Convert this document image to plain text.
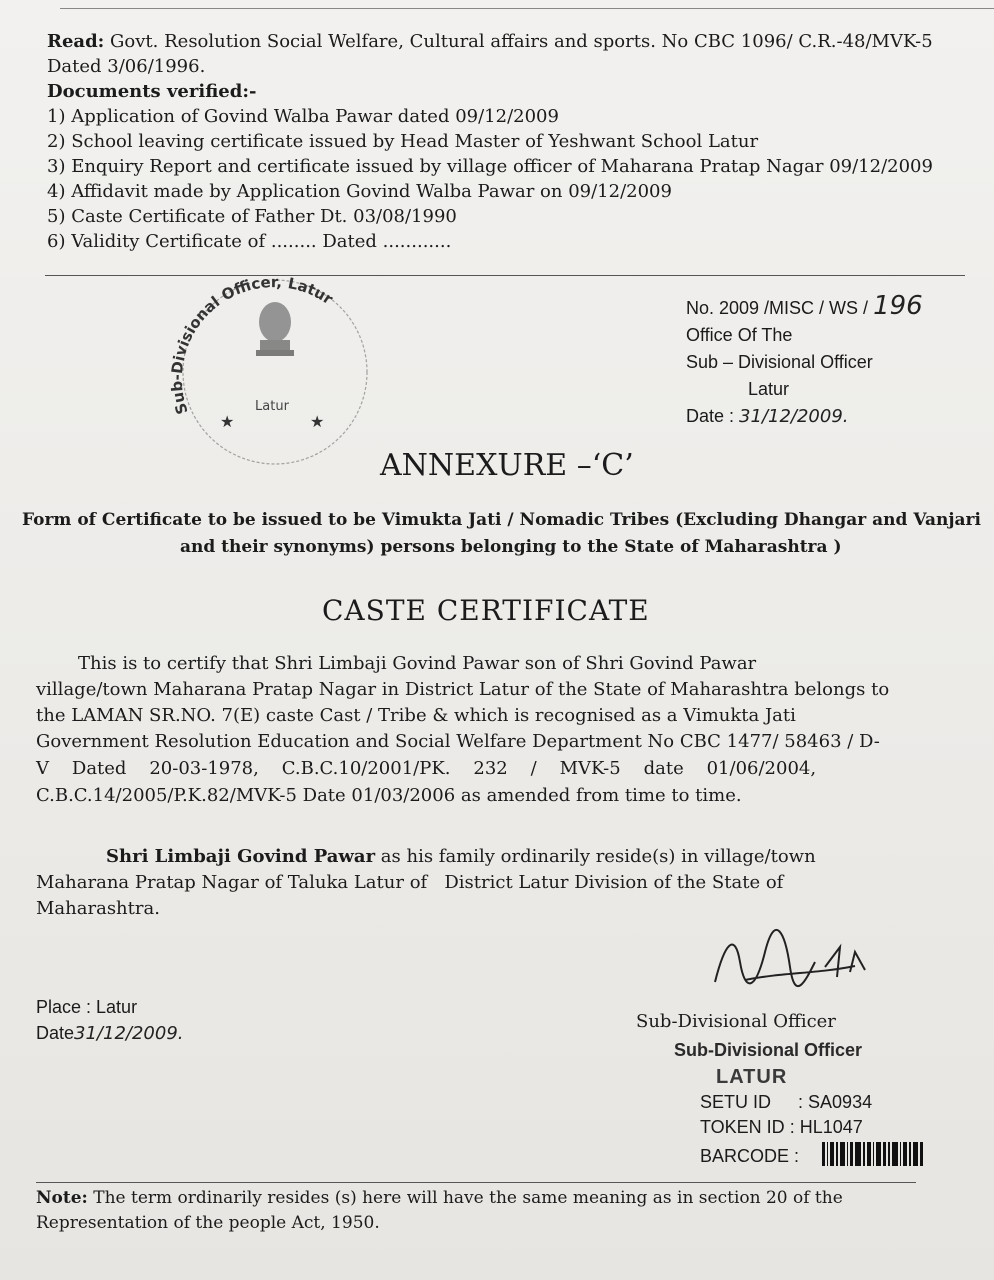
Read: Govt. Resolution Social Welfare, Cultural affairs and sports. No CBC 1096/ C.R.-48/MVK-5
Dated 3/06/1996.
Documents verified:-
1) Application of Govind Walba Pawar dated 09/12/2009
2) School leaving certificate issued by Head Master of Yeshwant School Latur
3) Enquiry Report and certificate issued by village officer of Maharana Pratap Nagar 09/12/2009
4) Affidavit made by Application Govind Walba Pawar on 09/12/2009
5) Caste Certificate of Father Dt. 03/08/1990
6) Validity Certificate of ........ Dated ............
Sub-Divisional Officer, Latur
Latur
★	★
No. 2009 /MISC / WS / 196
Office Of The
Sub – Divisional Officer
Latur
Date : 31/12/2009.
ANNEXURE –‘C’
Form of Certificate to be issued to be Vimukta Jati / Nomadic Tribes (Excluding Dhangar and Vanjari
and their synonyms) persons belonging to the State of Maharashtra )
CASTE CERTIFICATE
This is to certify that Shri Limbaji Govind Pawar son of Shri Govind Pawar
village/town Maharana Pratap Nagar in District Latur of the State of Maharashtra belongs to
the LAMAN SR.NO. 7(E) caste Cast / Tribe & which is recognised as a Vimukta Jati
Government Resolution Education and Social Welfare Department No CBC 1477/ 58463 / D-
V    Dated    20-03-1978,    C.B.C.10/2001/PK.    232    /    MVK-5    date    01/06/2004,
C.B.C.14/2005/P.K.82/MVK-5 Date 01/03/2006 as amended from time to time.
Shri Limbaji Govind Pawar as his family ordinarily reside(s) in village/town
Maharana Pratap Nagar of Taluka Latur of   District Latur Division of the State of
Maharashtra.
Place : Latur
Date31/12/2009.
Sub-Divisional Officer
Sub-Divisional Officer
LATUR
SETU ID : SA0934
TOKEN ID : HL1047
BARCODE :
Note: The term ordinarily resides (s) here will have the same meaning as in section 20 of the
Representation of the people Act, 1950.
